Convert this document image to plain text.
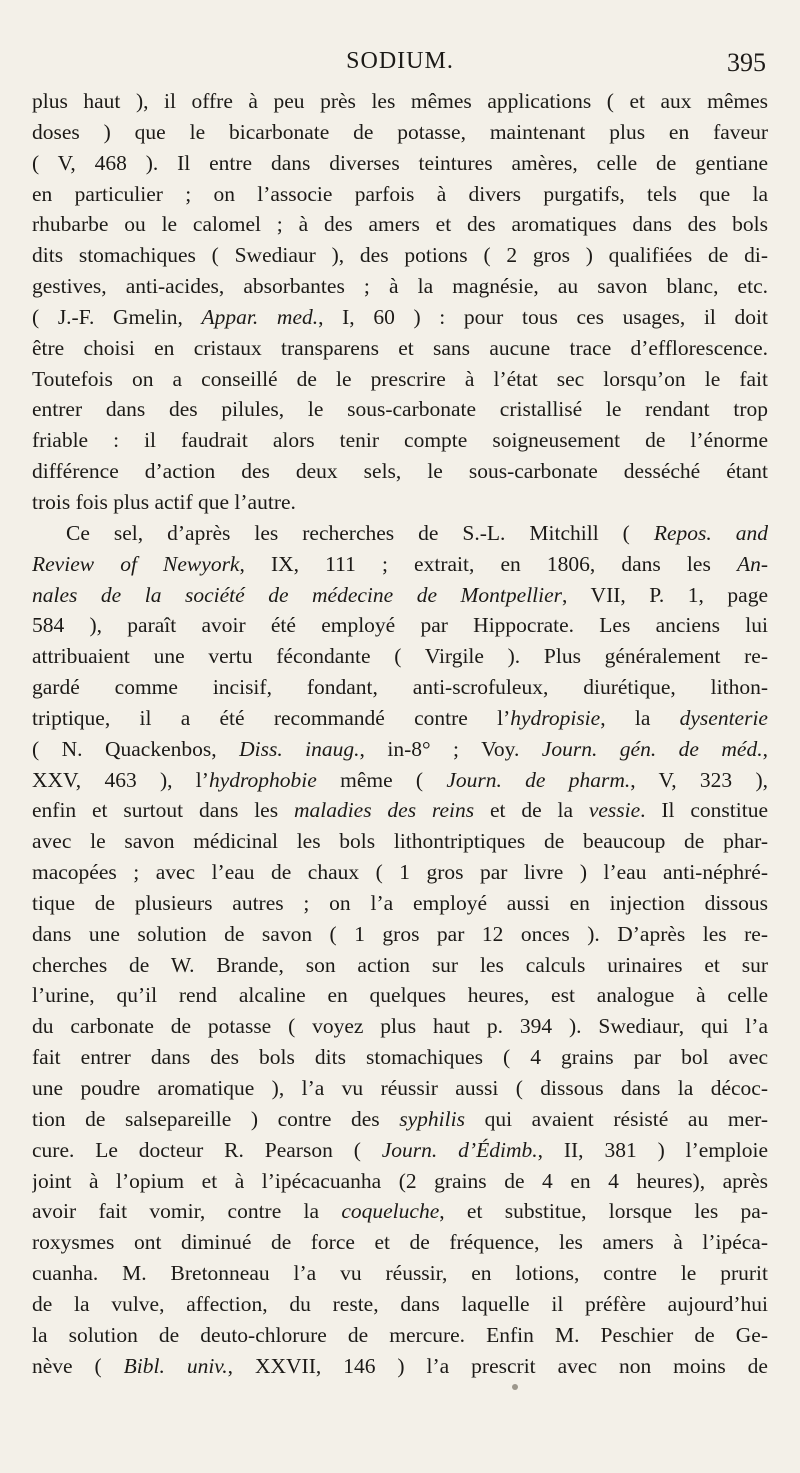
SODIUM.	395
plus haut ), il offre à peu près les mêmes applications ( et aux mêmes
doses ) que le bicarbonate de potasse, maintenant plus en faveur
( V, 468 ). Il entre dans diverses teintures amères, celle de gentiane
en particulier ; on l’associe parfois à divers purgatifs, tels que la
rhubarbe ou le calomel ; à des amers et des aromatiques dans des bols
dits stomachiques ( Swediaur ), des potions ( 2 gros ) qualifiées de di-
gestives, anti-acides, absorbantes ; à la magnésie, au savon blanc, etc.
( J.-F. Gmelin, Appar. med., I, 60 ) : pour tous ces usages, il doit
être choisi en cristaux transparens et sans aucune trace d’efflorescence.
Toutefois on a conseillé de le prescrire à l’état sec lorsqu’on le fait
entrer dans des pilules, le sous-carbonate cristallisé le rendant trop
friable : il faudrait alors tenir compte soigneusement de l’énorme
différence d’action des deux sels, le sous-carbonate desséché étant
trois fois plus actif que l’autre.
Ce sel, d’après les recherches de S.-L. Mitchill ( Repos. and
Review of Newyork, IX, 111 ; extrait, en 1806, dans les An-
nales de la société de médecine de Montpellier, VII, P. 1, page
584 ), paraît avoir été employé par Hippocrate. Les anciens lui
attribuaient une vertu fécondante ( Virgile ). Plus généralement re-
gardé comme incisif, fondant, anti-scrofuleux, diurétique, lithon-
triptique, il a été recommandé contre l’hydropisie, la dysenterie
( N. Quackenbos, Diss. inaug., in-8° ; Voy. Journ. gén. de méd.,
XXV, 463 ), l’hydrophobie même ( Journ. de pharm., V, 323 ),
enfin et surtout dans les maladies des reins et de la vessie. Il constitue
avec le savon médicinal les bols lithontriptiques de beaucoup de phar-
macopées ; avec l’eau de chaux ( 1 gros par livre ) l’eau anti-néphré-
tique de plusieurs autres ; on l’a employé aussi en injection dissous
dans une solution de savon ( 1 gros par 12 onces ). D’après les re-
cherches de W. Brande, son action sur les calculs urinaires et sur
l’urine, qu’il rend alcaline en quelques heures, est analogue à celle
du carbonate de potasse ( voyez plus haut p. 394 ). Swediaur, qui l’a
fait entrer dans des bols dits stomachiques ( 4 grains par bol avec
une poudre aromatique ), l’a vu réussir aussi ( dissous dans la décoc-
tion de salsepareille ) contre des syphilis qui avaient résisté au mer-
cure. Le docteur R. Pearson ( Journ. d’Édimb., II, 381 ) l’emploie
joint à l’opium et à l’ipécacuanha (2 grains de 4 en 4 heures), après
avoir fait vomir, contre la coqueluche, et substitue, lorsque les pa-
roxysmes ont diminué de force et de fréquence, les amers à l’ipéca-
cuanha. M. Bretonneau l’a vu réussir, en lotions, contre le prurit
de la vulve, affection, du reste, dans laquelle il préfère aujourd’hui
la solution de deuto-chlorure de mercure. Enfin M. Peschier de Ge-
nève ( Bibl. univ., XXVII, 146 ) l’a prescrit avec non moins de
